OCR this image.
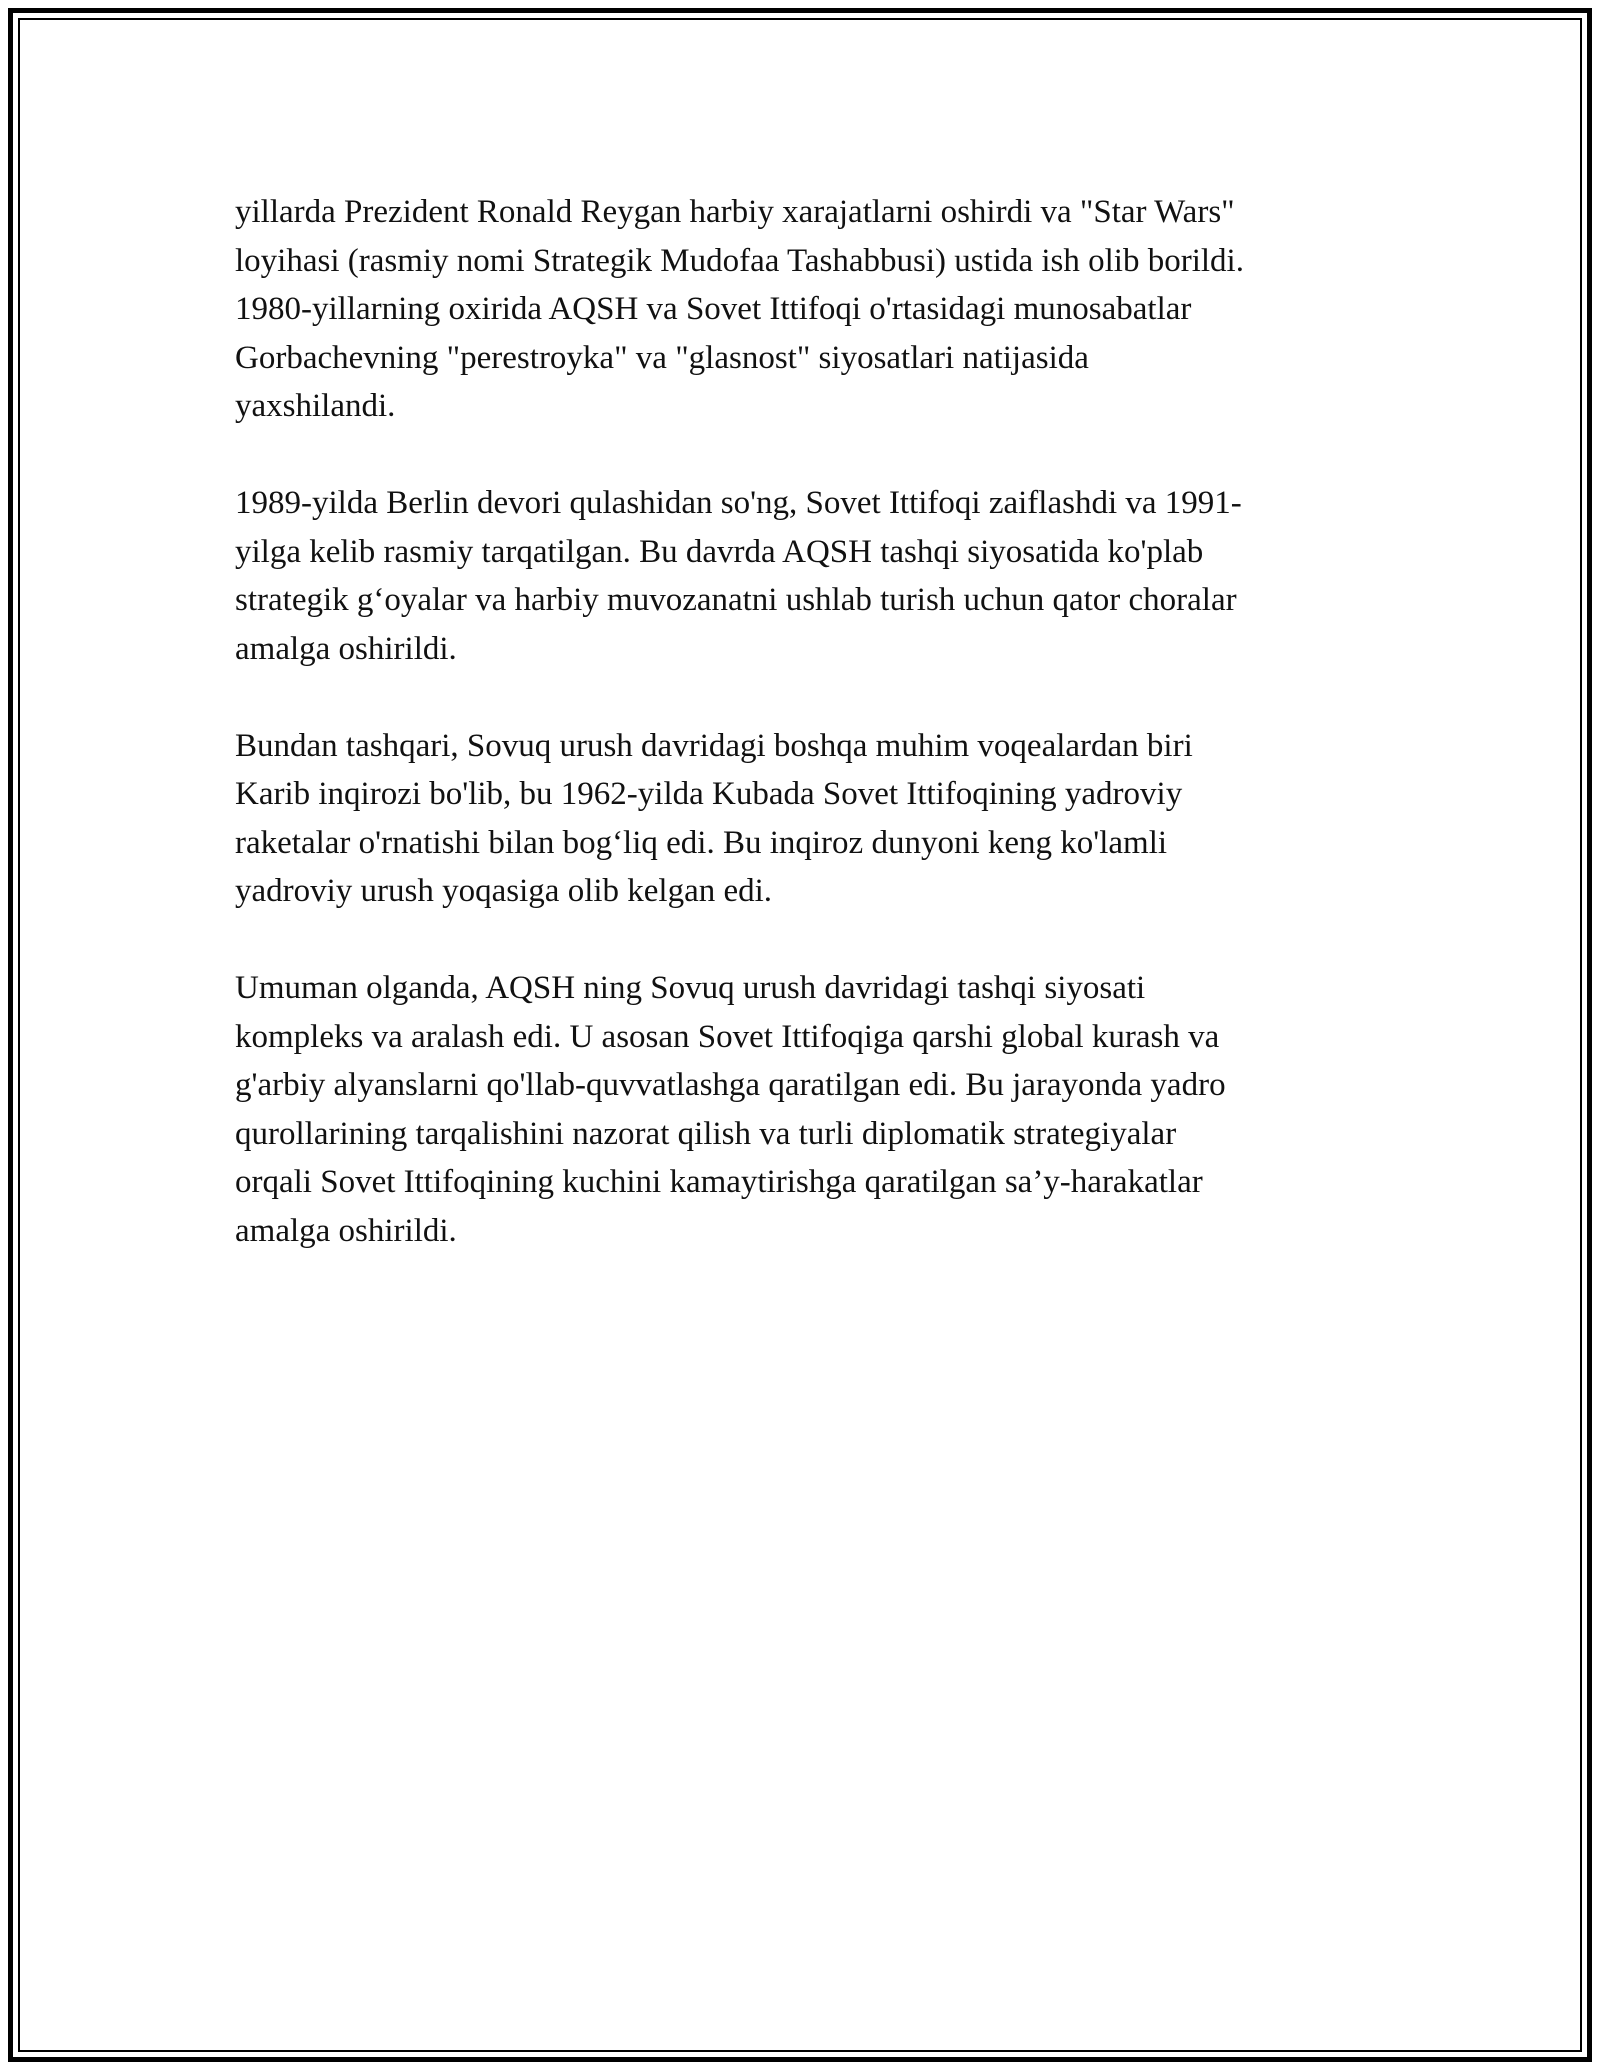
yillarda Prezident Ronald Reygan harbiy xarajatlarni oshirdi va "Star Wars"
loyihasi (rasmiy nomi Strategik Mudofaa Tashabbusi) ustida ish olib borildi.
1980-yillarning oxirida AQSH va Sovet Ittifoqi o'rtasidagi munosabatlar
Gorbachevning "perestroyka" va "glasnost" siyosatlari natijasida
yaxshilandi.

1989-yilda Berlin devori qulashidan so'ng, Sovet Ittifoqi zaiflashdi va 1991-
yilga kelib rasmiy tarqatilgan. Bu davrda AQSH tashqi siyosatida ko'plab
strategik g‘oyalar va harbiy muvozanatni ushlab turish uchun qator choralar
amalga oshirildi.

Bundan tashqari, Sovuq urush davridagi boshqa muhim voqealardan biri
Karib inqirozi bo'lib, bu 1962-yilda Kubada Sovet Ittifoqining yadroviy
raketalar o'rnatishi bilan bog‘liq edi. Bu inqiroz dunyoni keng ko'lamli
yadroviy urush yoqasiga olib kelgan edi.

Umuman olganda, AQSH ning Sovuq urush davridagi tashqi siyosati
kompleks va aralash edi. U asosan Sovet Ittifoqiga qarshi global kurash va
g'arbiy alyanslarni qo'llab-quvvatlashga qaratilgan edi. Bu jarayonda yadro
qurollarining tarqalishini nazorat qilish va turli diplomatik strategiyalar
orqali Sovet Ittifoqining kuchini kamaytirishga qaratilgan sa’y-harakatlar
amalga oshirildi.
